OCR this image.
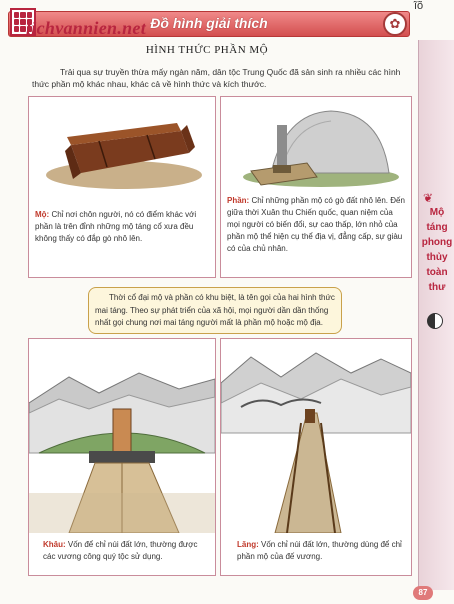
ĩõ
Đồ hình giải thích	✿
lichvannien.net
HÌNH THỨC PHẦN MỘ
Trải qua sự truyền thừa mấy ngàn năm, dân tộc Trung Quốc đã sản sinh ra nhiều các hình thức phần mộ khác nhau, khác cả về hình thức và kích thước.
Mộ: Chỉ nơi chôn người, nó có điểm khác với phần là trên đỉnh những mộ táng cổ xưa đều không thấy có đắp gò nhô lên.
Phần: Chỉ những phần mộ có gò đất nhô lên. Đến giữa thời Xuân thu Chiến quốc, quan niệm của mọi người có biến đổi, sự cao thấp, lớn nhỏ của phần mộ thể hiện cụ thể địa vị, đẳng cấp, sự giàu có của chủ nhân.
Thời cổ đại mộ và phần có khu biệt, là tên gọi của hai hình thức mai táng. Theo sự phát triển của xã hội, mọi người dần dần thống nhất gọi chung nơi mai táng người mất là phần mộ hoặc mộ địa.
Khâu: Vốn để chỉ núi đất lớn, thường được các vương công quý tộc sử dụng.
Lăng: Vốn chỉ núi đất lớn, thường dùng để chỉ phần mộ của đế vương.
❦
Mộ táng phong thủy toàn thư
87
